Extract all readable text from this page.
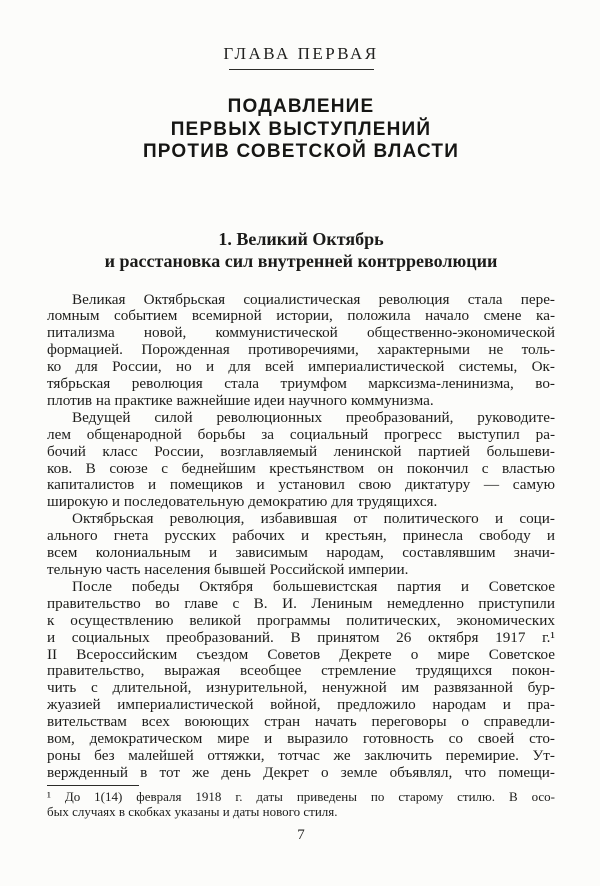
ГЛАВА ПЕРВАЯ
ПОДАВЛЕНИЕ
ПЕРВЫХ ВЫСТУПЛЕНИЙ
ПРОТИВ СОВЕТСКОЙ ВЛАСТИ
1. Великий Октябрь
и расстановка сил внутренней контрреволюции
Великая Октябрьская социалистическая революция стала пере-
ломным событием всемирной истории, положила начало смене ка-
питализма новой, коммунистической общественно-экономической
формацией. Порожденная противоречиями, характерными не толь-
ко для России, но и для всей империалистической системы, Ок-
тябрьская революция стала триумфом марксизма-ленинизма, во-
плотив на практике важнейшие идеи научного коммунизма.
Ведущей силой революционных преобразований, руководите-
лем общенародной борьбы за социальный прогресс выступил ра-
бочий класс России, возглавляемый ленинской партией большеви-
ков. В союзе с беднейшим крестьянством он покончил с властью
капиталистов и помещиков и установил свою диктатуру — самую
широкую и последовательную демократию для трудящихся.
Октябрьская революция, избавившая от политического и соци-
ального гнета русских рабочих и крестьян, принесла свободу и
всем колониальным и зависимым народам, составлявшим значи-
тельную часть населения бывшей Российской империи.
После победы Октября большевистская партия и Советское
правительство во главе с В. И. Лениным немедленно приступили
к осуществлению великой программы политических, экономических
и социальных преобразований. В принятом 26 октября 1917 г.¹
II Всероссийским съездом Советов Декрете о мире Советское
правительство, выражая всеобщее стремление трудящихся покон-
чить с длительной, изнурительной, ненужной им развязанной бур-
жуазией империалистической войной, предложило народам и пра-
вительствам всех воюющих стран начать переговоры о справедли-
вом, демократическом мире и выразило готовность со своей сто-
роны без малейшей оттяжки, тотчас же заключить перемирие. Ут-
вержденный в тот же день Декрет о земле объявлял, что помещи-
¹ До 1(14) февраля 1918 г. даты приведены по старому стилю. В осо-
бых случаях в скобках указаны и даты нового стиля.
7
